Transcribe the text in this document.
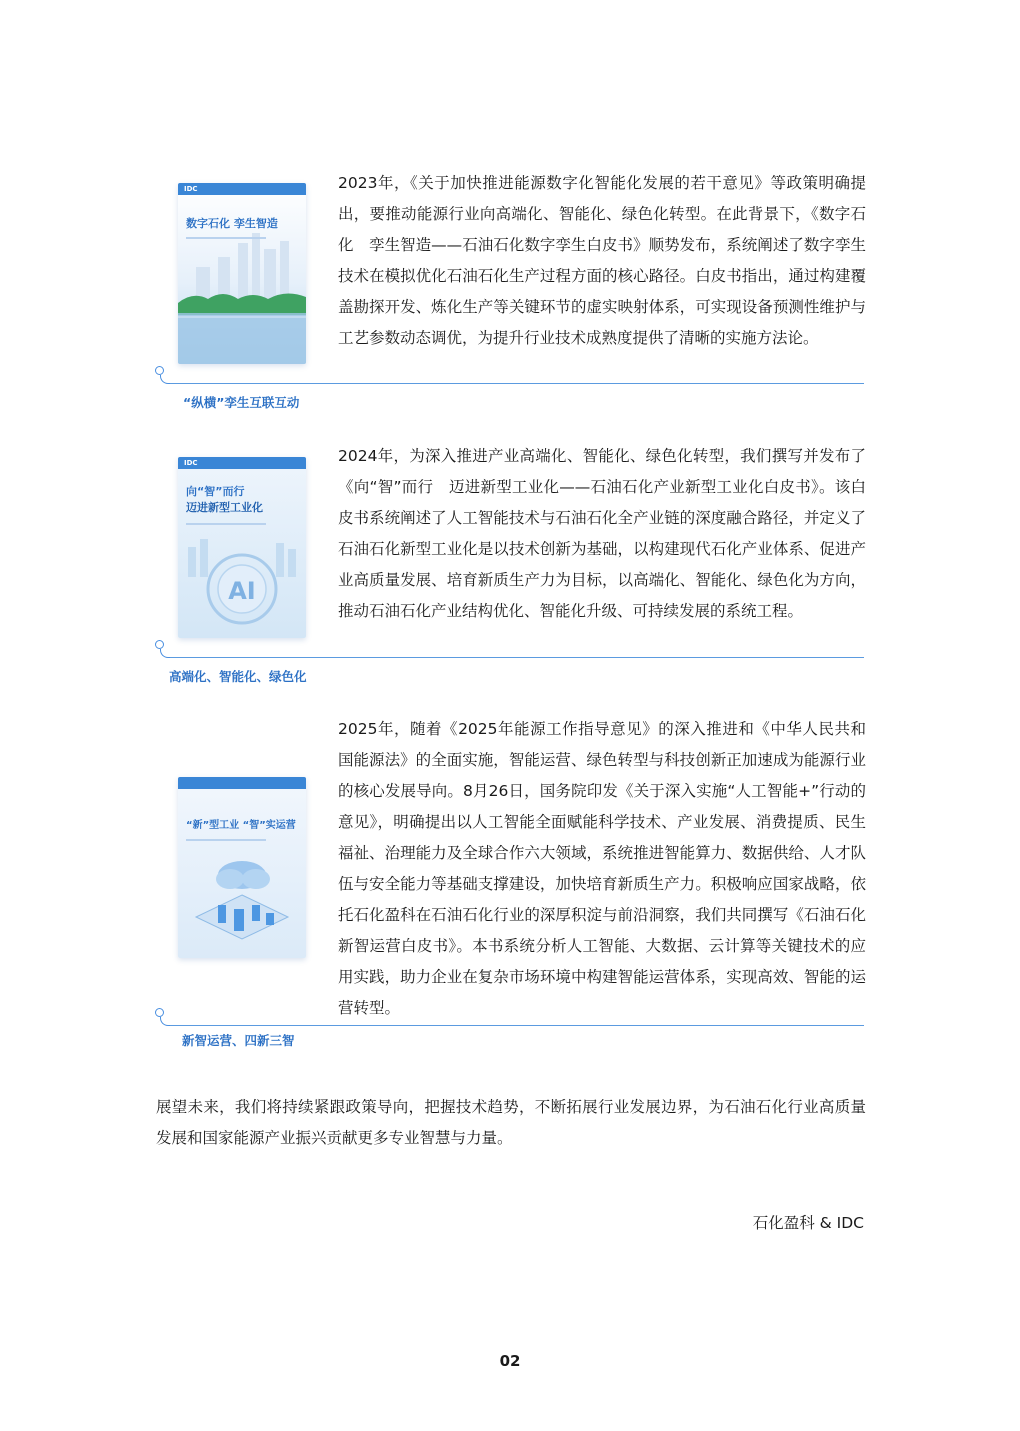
IDC
数字石化 孪生智造

2023年，《关于加快推进能源数字化智能化发展的若干意见》等政策明确提出，要推动能源行业向高端化、智能化、绿色化转型。在此背景下，《数字石化　孪生智造——石油石化数字孪生白皮书》顺势发布，系统阐述了数字孪生技术在模拟优化石油石化生产过程方面的核心路径。白皮书指出，通过构建覆盖勘探开发、炼化生产等关键环节的虚实映射体系，可实现设备预测性维护与工艺参数动态调优，为提升行业技术成熟度提供了清晰的实施方法论。

“纵横”孪生互联互动
IDC
向“智”而行
迈进新型工业化
AI

2024年，为深入推进产业高端化、智能化、绿色化转型，我们撰写并发布了《向“智”而行　迈进新型工业化——石油石化产业新型工业化白皮书》。该白皮书系统阐述了人工智能技术与石油石化全产业链的深度融合路径，并定义了石油石化新型工业化是以技术创新为基础，以构建现代石化产业体系、促进产业高质量发展、培育新质生产力为目标，以高端化、智能化、绿色化为方向，推动石油石化产业结构优化、智能化升级、可持续发展的系统工程。

高端化、智能化、绿色化
“新”型工业 “智”实运营

2025年，随着《2025年能源工作指导意见》的深入推进和《中华人民共和国能源法》的全面实施，智能运营、绿色转型与科技创新正加速成为能源行业的核心发展导向。8月26日，国务院印发《关于深入实施“人工智能+”行动的意见》，明确提出以人工智能全面赋能科学技术、产业发展、消费提质、民生福祉、治理能力及全球合作六大领域，系统推进智能算力、数据供给、人才队伍与安全能力等基础支撑建设，加快培育新质生产力。积极响应国家战略，依托石化盈科在石油石化行业的深厚积淀与前沿洞察，我们共同撰写《石油石化新智运营白皮书》。本书系统分析人工智能、大数据、云计算等关键技术的应用实践，助力企业在复杂市场环境中构建智能运营体系，实现高效、智能的运营转型。

新智运营、四新三智

展望未来，我们将持续紧跟政策导向，把握技术趋势，不断拓展行业发展边界，为石油石化行业高质量发展和国家能源产业振兴贡献更多专业智慧与力量。

石化盈科 & IDC
02
